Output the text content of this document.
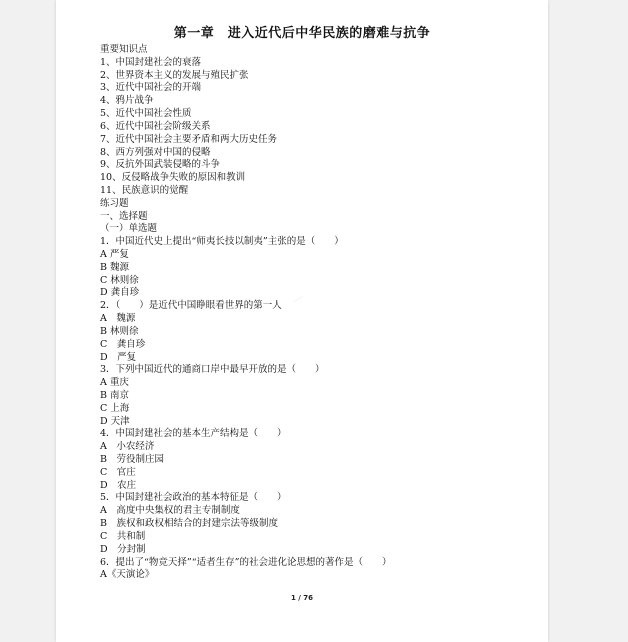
第一章　进入近代后中华民族的磨难与抗争
——
重要知识点
1、中国封建社会的衰落
2、世界资本主义的发展与殖民扩张
3、近代中国社会的开端
4、鸦片战争
5、近代中国社会性质
6、近代中国社会阶级关系
7、近代中国社会主要矛盾和两大历史任务
8、西方列强对中国的侵略
9、反抗外国武装侵略的斗争
10、反侵略战争失败的原因和教训
11、民族意识的觉醒
练习题
一、选择题
（一）单选题
1．中国近代史上提出“师夷长技以制夷”主张的是（　　）
A 严复
B 魏源
C 林则徐
D 龚自珍
2．（　　）是近代中国睁眼看世界的第一人
A　魏源
B 林则徐
C　龚自珍
D　严复
3．下列中国近代的通商口岸中最早开放的是（　　）
A 重庆
B 南京
C 上海
D 天津
4．中国封建社会的基本生产结构是（　　）
A　小农经济
B　劳役制庄园
C　官庄
D　农庄
5．中国封建社会政治的基本特征是（　　）
A　高度中央集权的君主专制制度
B　族权和政权相结合的封建宗法等级制度
C　共和制
D　分封制
6．提出了“物竞天择”“适者生存”的社会进化论思想的著作是（　　）
A《天演论》
1 / 76
